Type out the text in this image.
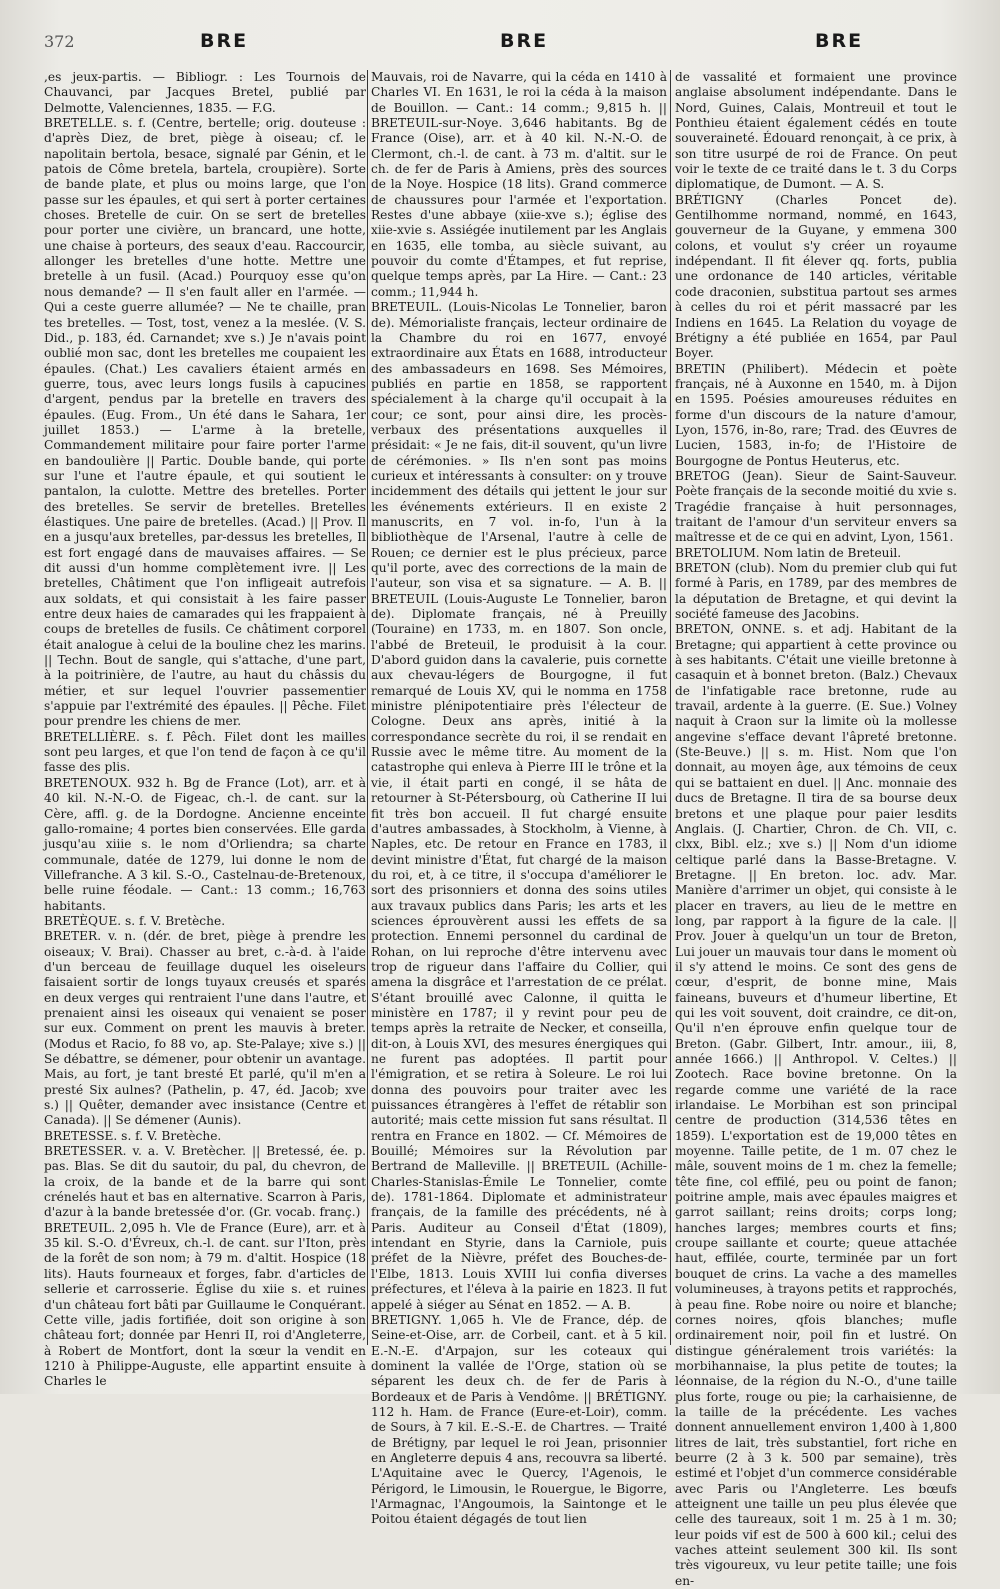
372	BRE	BRE	BRE

,es jeux-partis. — Bibliogr. : Les Tournois de Chauvanci, par Jacques Bretel, publié par Delmotte, Valenciennes, 1835. — F.G.

BRETELLE. s. f. (Centre, bertelle; orig. douteuse : d'après Diez, de bret, piège à oiseau; cf. le napolitain bertola, besace, signalé par Génin, et le patois de Côme bretela, bartela, croupière). Sorte de bande plate, et plus ou moins large, que l'on passe sur les épaules, et qui sert à porter certaines choses. Bretelle de cuir. On se sert de bretelles pour porter une civière, un brancard, une hotte, une chaise à porteurs, des seaux d'eau. Raccourcir, allonger les bretelles d'une hotte. Mettre une bretelle à un fusil. (Acad.) Pourquoy esse qu'on nous demande? — Il s'en fault aller en l'armée. — Qui a ceste guerre allumée? — Ne te chaille, pran tes bretelles. — Tost, tost, venez a la meslée. (V. S. Did., p. 183, éd. Carnandet; xve s.) Je n'avais point oublié mon sac, dont les bretelles me coupaient les épaules. (Chat.) Les cavaliers étaient armés en guerre, tous, avec leurs longs fusils à capucines d'argent, pendus par la bretelle en travers des épaules. (Eug. From., Un été dans le Sahara, 1er juillet 1853.) — L'arme à la bretelle, Commandement militaire pour faire porter l'arme en bandoulière || Partic. Double bande, qui porte sur l'une et l'autre épaule, et qui soutient le pantalon, la culotte. Mettre des bretelles. Porter des bretelles. Se servir de bretelles. Bretelles élastiques. Une paire de bretelles. (Acad.) || Prov. Il en a jusqu'aux bretelles, par-dessus les bretelles, Il est fort engagé dans de mauvaises affaires. — Se dit aussi d'un homme complètement ivre. || Les bretelles, Châtiment que l'on infligeait autrefois aux soldats, et qui consistait à les faire passer entre deux haies de camarades qui les frappaient à coups de bretelles de fusils. Ce châtiment corporel était analogue à celui de la bouline chez les marins. || Techn. Bout de sangle, qui s'attache, d'une part, à la poitrinière, de l'autre, au haut du châssis du métier, et sur lequel l'ouvrier passementier s'appuie par l'extrémité des épaules. || Pêche. Filet pour prendre les chiens de mer.

BRETELLIÈRE. s. f. Pêch. Filet dont les mailles sont peu larges, et que l'on tend de façon à ce qu'il fasse des plis.

BRETENOUX. 932 h. Bg de France (Lot), arr. et à 40 kil. N.-N.-O. de Figeac, ch.-l. de cant. sur la Cère, affl. g. de la Dordogne. Ancienne enceinte gallo-romaine; 4 portes bien conservées. Elle garda jusqu'au xiiie s. le nom d'Orliendra; sa charte communale, datée de 1279, lui donne le nom de Villefranche. A 3 kil. S.-O., Castelnau-de-Bretenoux, belle ruine féodale. — Cant.: 13 comm.; 16,763 habitants.

BRETÈQUE. s. f. V. Bretèche.

BRETER. v. n. (dér. de bret, piège à prendre les oiseaux; V. Brai). Chasser au bret, c.-à-d. à l'aide d'un berceau de feuillage duquel les oiseleurs faisaient sortir de longs tuyaux creusés et sparés en deux verges qui rentraient l'une dans l'autre, et prenaient ainsi les oiseaux qui venaient se poser sur eux. Comment on prent les mauvis à breter. (Modus et Racio, fo 88 vo, ap. Ste-Palaye; xive s.) || Se débattre, se démener, pour obtenir un avantage. Mais, au fort, je tant bresté Et parlé, qu'il m'en a presté Six aulnes? (Pathelin, p. 47, éd. Jacob; xve s.) || Quêter, demander avec insistance (Centre et Canada). || Se démener (Aunis).

BRETESSE. s. f. V. Bretèche.

BRETESSER. v. a. V. Bretècher. || Bretessé, ée. p. pas. Blas. Se dit du sautoir, du pal, du chevron, de la croix, de la bande et de la barre qui sont crénelés haut et bas en alternative. Scarron à Paris, d'azur à la bande bretessée d'or. (Gr. vocab. franç.)

BRETEUIL. 2,095 h. Vle de France (Eure), arr. et à 35 kil. S.-O. d'Évreux, ch.-l. de cant. sur l'Iton, près de la forêt de son nom; à 79 m. d'altit. Hospice (18 lits). Hauts fourneaux et forges, fabr. d'articles de sellerie et carrosserie. Église du xiie s. et ruines d'un château fort bâti par Guillaume le Conquérant. Cette ville, jadis fortifiée, doit son origine à son château fort; donnée par Henri II, roi d'Angleterre, à Robert de Montfort, dont la sœur la vendit en 1210 à Philippe-Auguste, elle appartint ensuite à Charles le

Mauvais, roi de Navarre, qui la céda en 1410 à Charles VI. En 1631, le roi la céda à la maison de Bouillon. — Cant.: 14 comm.; 9,815 h. || BRETEUIL-sur-Noye. 3,646 habitants. Bg de France (Oise), arr. et à 40 kil. N.-N.-O. de Clermont, ch.-l. de cant. à 73 m. d'altit. sur le ch. de fer de Paris à Amiens, près des sources de la Noye. Hospice (18 lits). Grand commerce de chaussures pour l'armée et l'exportation. Restes d'une abbaye (xiie-xve s.); église des xiie-xvie s. Assiégée inutilement par les Anglais en 1635, elle tomba, au siècle suivant, au pouvoir du comte d'Étampes, et fut reprise, quelque temps après, par La Hire. — Cant.: 23 comm.; 11,944 h.

BRETEUIL. (Louis-Nicolas Le Tonnelier, baron de). Mémorialiste français, lecteur ordinaire de la Chambre du roi en 1677, envoyé extraordinaire aux États en 1688, introducteur des ambassadeurs en 1698. Ses Mémoires, publiés en partie en 1858, se rapportent spécialement à la charge qu'il occupait à la cour; ce sont, pour ainsi dire, les procès-verbaux des présentations auxquelles il présidait: « Je ne fais, dit-il souvent, qu'un livre de cérémonies. » Ils n'en sont pas moins curieux et intéressants à consulter: on y trouve incidemment des détails qui jettent le jour sur les événements extérieurs. Il en existe 2 manuscrits, en 7 vol. in-fo, l'un à la bibliothèque de l'Arsenal, l'autre à celle de Rouen; ce dernier est le plus précieux, parce qu'il porte, avec des corrections de la main de l'auteur, son visa et sa signature. — A. B. || BRETEUIL (Louis-Auguste Le Tonnelier, baron de). Diplomate français, né à Preuilly (Touraine) en 1733, m. en 1807. Son oncle, l'abbé de Breteuil, le produisit à la cour. D'abord guidon dans la cavalerie, puis cornette aux chevau-légers de Bourgogne, il fut remarqué de Louis XV, qui le nomma en 1758 ministre plénipotentiaire près l'électeur de Cologne. Deux ans après, initié à la correspondance secrète du roi, il se rendait en Russie avec le même titre. Au moment de la catastrophe qui enleva à Pierre III le trône et la vie, il était parti en congé, il se hâta de retourner à St-Pétersbourg, où Catherine II lui fit très bon accueil. Il fut chargé ensuite d'autres ambassades, à Stockholm, à Vienne, à Naples, etc. De retour en France en 1783, il devint ministre d'État, fut chargé de la maison du roi, et, à ce titre, il s'occupa d'améliorer le sort des prisonniers et donna des soins utiles aux travaux publics dans Paris; les arts et les sciences éprouvèrent aussi les effets de sa protection. Ennemi personnel du cardinal de Rohan, on lui reproche d'être intervenu avec trop de rigueur dans l'affaire du Collier, qui amena la disgrâce et l'arrestation de ce prélat. S'étant brouillé avec Calonne, il quitta le ministère en 1787; il y revint pour peu de temps après la retraite de Necker, et conseilla, dit-on, à Louis XVI, des mesures énergiques qui ne furent pas adoptées. Il partit pour l'émigration, et se retira à Soleure. Le roi lui donna des pouvoirs pour traiter avec les puissances étrangères à l'effet de rétablir son autorité; mais cette mission fut sans résultat. Il rentra en France en 1802. — Cf. Mémoires de Bouillé; Mémoires sur la Révolution par Bertrand de Malleville. || BRETEUIL (Achille-Charles-Stanislas-Émile Le Tonnelier, comte de). 1781-1864. Diplomate et administrateur français, de la famille des précédents, né à Paris. Auditeur au Conseil d'État (1809), intendant en Styrie, dans la Carniole, puis préfet de la Nièvre, préfet des Bouches-de-l'Elbe, 1813. Louis XVIII lui confia diverses préfectures, et l'éleva à la pairie en 1823. Il fut appelé à siéger au Sénat en 1852. — A. B.

BRETIGNY. 1,065 h. Vle de France, dép. de Seine-et-Oise, arr. de Corbeil, cant. et à 5 kil. E.-N.-E. d'Arpajon, sur les coteaux qui dominent la vallée de l'Orge, station où se séparent les deux ch. de fer de Paris à Bordeaux et de Paris à Vendôme. || BRÉTIGNY. 112 h. Ham. de France (Eure-et-Loir), comm. de Sours, à 7 kil. E.-S.-E. de Chartres. — Traité de Brétigny, par lequel le roi Jean, prisonnier en Angleterre depuis 4 ans, recouvra sa liberté. L'Aquitaine avec le Quercy, l'Agenois, le Périgord, le Limousin, le Rouergue, le Bigorre, l'Armagnac, l'Angoumois, la Saintonge et le Poitou étaient dégagés de tout lien

de vassalité et formaient une province anglaise absolument indépendante. Dans le Nord, Guines, Calais, Montreuil et tout le Ponthieu étaient également cédés en toute souveraineté. Édouard renonçait, à ce prix, à son titre usurpé de roi de France. On peut voir le texte de ce traité dans le t. 3 du Corps diplomatique, de Dumont. — A. S.

BRÉTIGNY (Charles Poncet de). Gentilhomme normand, nommé, en 1643, gouverneur de la Guyane, y emmena 300 colons, et voulut s'y créer un royaume indépendant. Il fit élever qq. forts, publia une ordonance de 140 articles, véritable code draconien, substitua partout ses armes à celles du roi et périt massacré par les Indiens en 1645. La Relation du voyage de Brétigny a été publiée en 1654, par Paul Boyer.

BRETIN (Philibert). Médecin et poète français, né à Auxonne en 1540, m. à Dijon en 1595. Poésies amoureuses réduites en forme d'un discours de la nature d'amour, Lyon, 1576, in-8o, rare; Trad. des Œuvres de Lucien, 1583, in-fo; de l'Histoire de Bourgogne de Pontus Heuterus, etc.

BRETOG (Jean). Sieur de Saint-Sauveur. Poète français de la seconde moitié du xvie s. Tragédie française à huit personnages, traitant de l'amour d'un serviteur envers sa maîtresse et de ce qui en advint, Lyon, 1561.

BRETOLIUM. Nom latin de Breteuil.

BRETON (club). Nom du premier club qui fut formé à Paris, en 1789, par des membres de la députation de Bretagne, et qui devint la société fameuse des Jacobins.

BRETON, ONNE. s. et adj. Habitant de la Bretagne; qui appartient à cette province ou à ses habitants. C'était une vieille bretonne à casaquin et à bonnet breton. (Balz.) Chevaux de l'infatigable race bretonne, rude au travail, ardente à la guerre. (E. Sue.) Volney naquit à Craon sur la limite où la mollesse angevine s'efface devant l'âpreté bretonne. (Ste-Beuve.) || s. m. Hist. Nom que l'on donnait, au moyen âge, aux témoins de ceux qui se battaient en duel. || Anc. monnaie des ducs de Bretagne. Il tira de sa bourse deux bretons et une plaque pour paier lesdits Anglais. (J. Chartier, Chron. de Ch. VII, c. clxx, Bibl. elz.; xve s.) || Nom d'un idiome celtique parlé dans la Basse-Bretagne. V. Bretagne. || En breton. loc. adv. Mar. Manière d'arrimer un objet, qui consiste à le placer en travers, au lieu de le mettre en long, par rapport à la figure de la cale. || Prov. Jouer à quelqu'un un tour de Breton, Lui jouer un mauvais tour dans le moment où il s'y attend le moins. Ce sont des gens de cœur, d'esprit, de bonne mine, Mais faineans, buveurs et d'humeur libertine, Et qui les voit souvent, doit craindre, ce dit-on, Qu'il n'en éprouve enfin quelque tour de Breton. (Gabr. Gilbert, Intr. amour., iii, 8, année 1666.) || Anthropol. V. Celtes.) || Zootech. Race bovine bretonne. On la regarde comme une variété de la race irlandaise. Le Morbihan est son principal centre de production (314,536 têtes en 1859). L'exportation est de 19,000 têtes en moyenne. Taille petite, de 1 m. 07 chez le mâle, souvent moins de 1 m. chez la femelle; tête fine, col effilé, peu ou point de fanon; poitrine ample, mais avec épaules maigres et garrot saillant; reins droits; corps long; hanches larges; membres courts et fins; croupe saillante et courte; queue attachée haut, effilée, courte, terminée par un fort bouquet de crins. La vache a des mamelles volumineuses, à trayons petits et rapprochés, à peau fine. Robe noire ou noire et blanche; cornes noires, qfois blanches; mufle ordinairement noir, poil fin et lustré. On distingue généralement trois variétés: la morbihannaise, la plus petite de toutes; la léonnaise, de la région du N.-O., d'une taille plus forte, rouge ou pie; la carhaisienne, de la taille de la précédente. Les vaches donnent annuellement environ 1,400 à 1,800 litres de lait, très substantiel, fort riche en beurre (2 à 3 k. 500 par semaine), très estimé et l'objet d'un commerce considérable avec Paris ou l'Angleterre. Les bœufs atteignent une taille un peu plus élevée que celle des taureaux, soit 1 m. 25 à 1 m. 30; leur poids vif est de 500 à 600 kil.; celui des vaches atteint seulement 300 kil. Ils sont très vigoureux, vu leur petite taille; une fois en-
